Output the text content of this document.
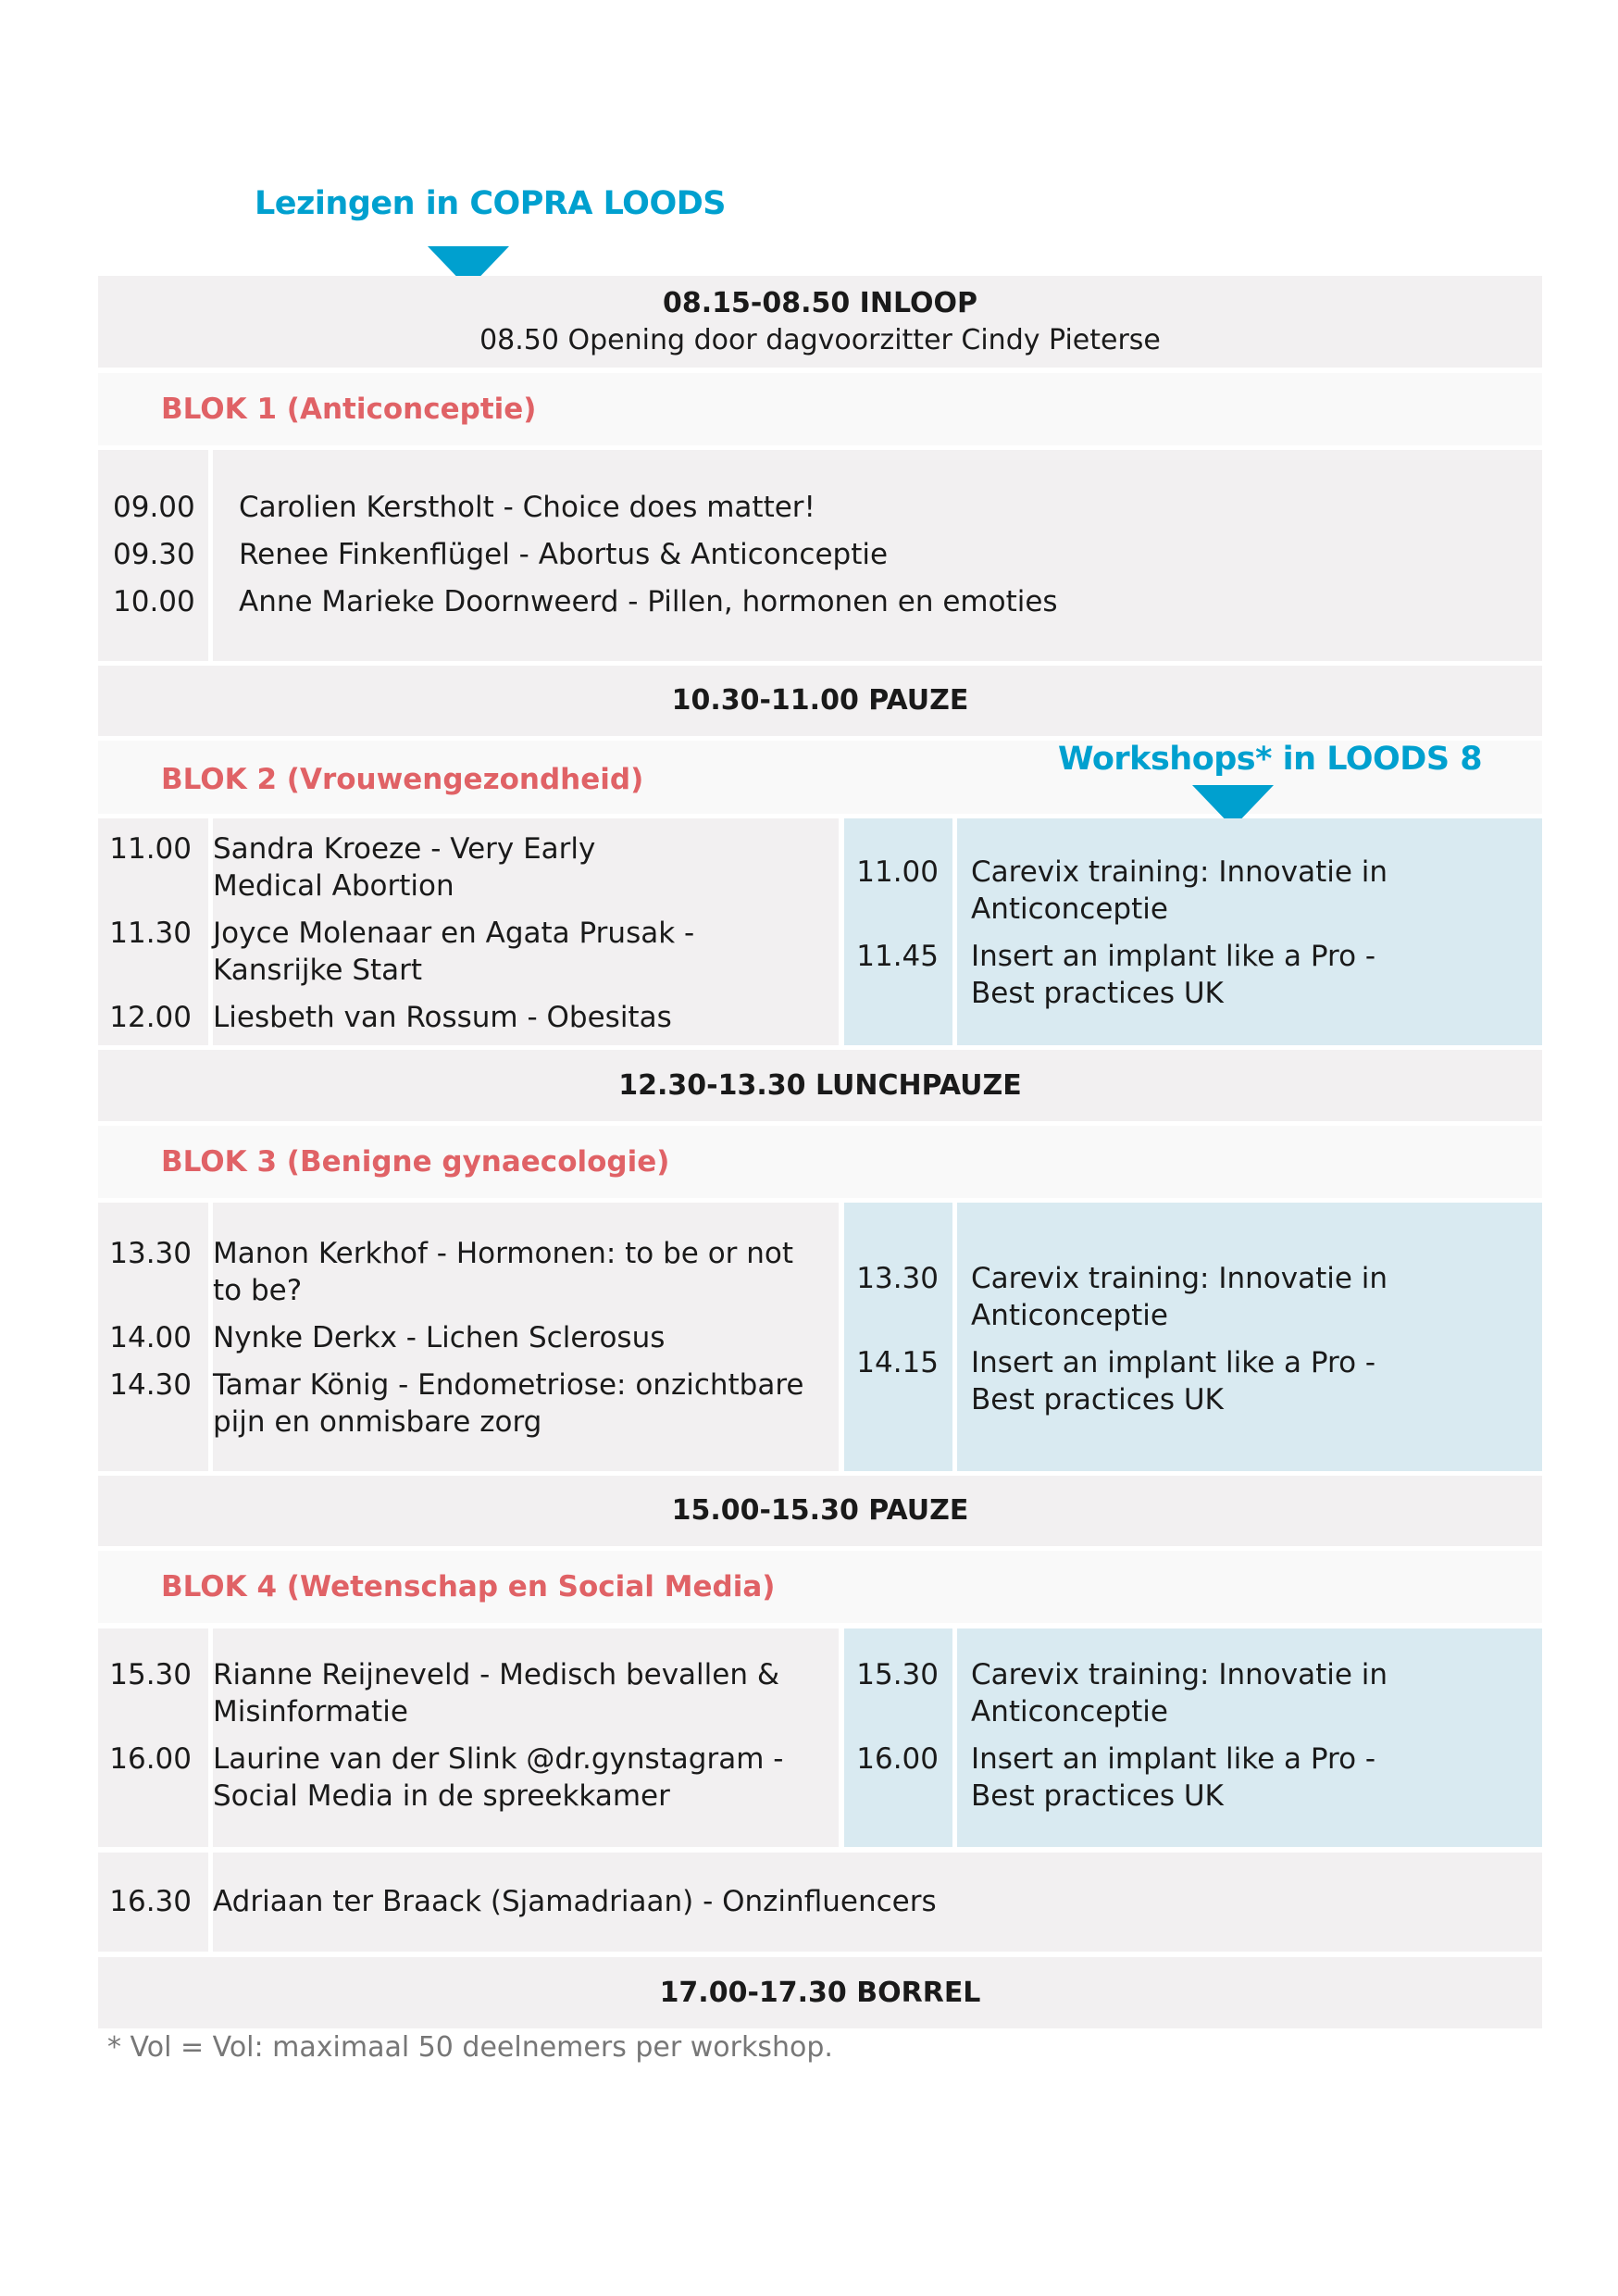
Lezingen in COPRA LOODS
08.15-08.50 INLOOP
08.50 Opening door dagvoorzitter Cindy Pieterse
BLOK 1 (Anticonceptie)
09.00	Carolien Kerstholt - Choice does matter!
09.30	Renee Finkenflügel - Abortus & Anticonceptie
10.00	Anne Marieke Doornweerd - Pillen, hormonen en emoties
10.30-11.00 PAUZE
BLOK 2 (Vrouwengezondheid)
Workshops* in LOODS 8
11.00 Sandra Kroeze - Very Early Medical Abortion
11.30 Joyce Molenaar en Agata Prusak - Kansrijke Start
12.00 Liesbeth van Rossum - Obesitas
11.00	Carevix training: Innovatie in Anticonceptie
11.45	Insert an implant like a Pro - Best practices UK
12.30-13.30 LUNCHPAUZE
BLOK 3 (Benigne gynaecologie)
13.30 Manon Kerkhof - Hormonen: to be or not to be?
14.00 Nynke Derkx - Lichen Sclerosus
14.30 Tamar König - Endometriose: onzichtbare pijn en onmisbare zorg
13.30	Carevix training: Innovatie in Anticonceptie
14.15	Insert an implant like a Pro - Best practices UK
15.00-15.30 PAUZE
BLOK 4 (Wetenschap en Social Media)
15.30 Rianne Reijneveld - Medisch bevallen & Misinformatie
16.00 Laurine van der Slink @dr.gynstagram - Social Media in de spreekkamer
15.30	Carevix training: Innovatie in Anticonceptie
16.00	Insert an implant like a Pro - Best practices UK
16.30 Adriaan ter Braack (Sjamadriaan) - Onzinfluencers
17.00-17.30 BORREL
* Vol = Vol: maximaal 50 deelnemers per workshop.
